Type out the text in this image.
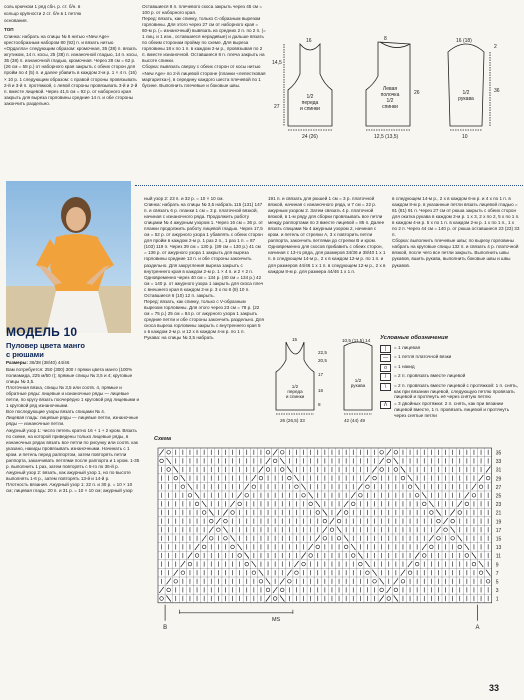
соль крючком 1 ряд сбн. р. ст. б/н. в

кольцо крупности 2 ст. б/н в 1 петлю

основания.

ТОП

Спинка: набрать на спицы № 6 нитью «New Age» крестообразным набором 80 (92) п. и вязать нитью «Ордалла» следующим образом: кромочная, 35 (38) п. вязать жгутиком, 14 п. косы, 25 (38) п. изнаночной гладью, 14 п. косы, 35 (38) п. изнаночной гладью, кромочная. Через 28 см = 62 р. (26 см = 58 р.) от наборного края закрыть с обеих сторон для пройм по 4 (5) п. и далее убавить в каждом 2-м р. 1 × 4 п. (16) × 10 р. 1 следующим образом: с правой стороны провязывать 2-й и 3-й п. протяжкой, с левой стороны провязывать 3-й и 2-й п. вместе лицевой. Через 41,5 см = 92 р. от наборного края закрыть для выреза горловины средние 14 п. и обе стороны закончить раздельно.

Оставшиеся 8 п. плечевого скоса закрыть через 45 см = 100 р. от наборного края.
Перед: вязать, как спинку, только С-образным вырезом горловины. Для этого через 27 см от наборного края = 60-м р. (= изнаночный) вывязать из средних 2 п. по 2 п. (= 1 лиц. и 1 изн., оставшиеся нерадивые) и дальше вязать по обеим сторонам пройму по схеме. Для выреза горловины 18 к по 1 п. в каждом 2-м р., провязывая по 2 п. вместе изнаночной. Оставшиеся 8 п. плеча закрыть на высоте спинки.
Сборка: вывязать сверху с обеих сторон от косы нитью «New Age» по 2-й лицевой стороне (планки «лепестковая маргаритка»), в середину каждого шеста плечевой по 1 бусине. Выполнить плечевые и боковые швы.

16
1/2 переда и спинки
24 (26)
14,5
27
8
Левая полочка 1/2 спинки
12,5 (13,5)
26
16 (18)
1/2 рукава
36
2
10
МОДЕЛЬ 10
Пуловер цвета манго
с рюшами

Размеры: 36/38 (38/40) 44/46

Вам потребуется: 250 (300) 300 г пряжи цвета манго (100% полиамида, 225 м/50 г); прямые спицы № 3,5 и 4; круговые спицы № 3,5.
Плоточная вязка, спицы № 3,5 или соотв. 4, прямые и обратные ряды: лицевые и изнаночные ряды — лицевые петли, по кругу вязать поочерёдно 1 круговой ряд лицевыми и 1 круговой ряд изнаночными.
Все последующие узоры вязать спицами № 4.
Лицевая гладь: лицевые ряды — лицевые петли, изнаночные ряды — изнаночные петли.
Ажурный узор 1: число петель кратно 16 + 1 + 2 кром. Вязать по схеме, на которой приведены только лицевые ряды, в изнаночных рядах вязать все петли по рисунку или соотв. как указано, накиды провязывать изнаночными. Начинать с 1 кром. и петель перед раппортом, затем повторять петли раппорта, заканчивать петлями после раппорта и 1 кром. 1-35 р. выполнить 1 раз, затем повторять с 5-го по 36-й р.
Ажурный узор 2: вязать, как ажурный узор 1, но по высоте выполнять 1-6 р., затем повторять 13-й и 14-й р.
Плотность вязания. Ажурный узор 1: 22 п. и 30 р. = 10 × 10 см; лицевая гладь: 20 п. и 31 р. = 10 × 10 см; ажурный узор

ный узор 2: 23 п. и 32 р. = 10 × 10 см.
Спинка: набрать на спицы № 3,5 набрать 115 (131) 147 п. и связать 6 р. планки 1 см = 3 р. платочной вязкой, начиная с изнаночного ряда. Продолжить работу спицами № 4 ажурным узором 1. Через 16 см = 36 р. от планки продолжить работу лицевой гладью. Через 17,5 см = 52 р. от ажурного узора 1 убавлять с обеих сторон для пройм в каждом 2-м р. 1 раз 2 п., 1 раз 1 п. = 87 (103) 119 п. Через 39 см = 130 р. (39 см = 130 р.) 41 см = 136 р. от ажурного узора 1 закрыть для выреза горловины средние 13 п. и обе стороны закончить раздельно. Для закругления выреза закрыть с внутреннего края в каждом 2-м р. 1 × 4 п. и 2 × 2 п. Одновременно через 40 см = 134 р. (40 см = 134 р.) 42 см = 140 р. от ажурного узора 1 закрыть для скоса плеч с внешнего края в каждом 2-м р. 3 х по 6 (8) 10 п. Оставшиеся 6 (10) 12 п. закрыть.
Перед: вязать, как спинку, только с V-образным вырезом горловины. Для этого через 23 см = 78 р. (22 см = 75 р.) 25 см = 84 р. от ажурного узора 1 закрыть средние петли и обе стороны закончить раздельно. Для скоса выреза горловины закрыть с внутреннего края 5 х в каждом 2-м р. и 12 х в каждом 4-м р. по 1 п.
Рукава: на спицы № 3,5 набрать

191 п. и связать для рюшей 1 см = 3 р. платочной вязкой, начиная с изнаночного ряда, и 7 см = 22 р. ажурным узором 2. Затем связать 4 р. платочной вязкой, в 1-м ряду для сборки провязывать все петли между раппортами по 3 вместе лицевой = 85 п. Далее вязать спицами № 4 ажурным узором 2, начиная с кром. и петель от стрелки А, 3 х повторить петли раппорта, закончить петлями до стрелки В и кром. Одновременно для скосов прибавить с обеих сторон, начиная с 13-го ряда, для размеров 34/36 и 38/40 1 х 1 п. в следующем 14-м р., 2 х в каждом 12-м р. по 1 п. и для размеров 44/46 1 х 1 п. в следующем 12-м р., 2 х в каждом 8-м р. для размера 44/46 1 х 1 п.

в следующем 14-м р., 2 х в каждом 6-м р. и 4 х по 1 п. в каждом 8-м р. в указанные петли вязать лицевой гладью = 81 (81) 91 п. Через 27 см от рюша закрыть с обеих сторон для окатка рукава в каждом 2-м р. 1 х 3, 2 х по 2, 5 х по 1 п. в каждом 4-м р. 5 х по 1 п. в каждом 2-м р. 1 х по 1 п., 1 х по 2 п. Через 44 см = 140 р. от рюша оставшиеся 23 (23) 33 п.
Сборка: выполнить плечевые швы; по вырезу горловины набрать на круговые спицы 132 п. и связать 4 р. платочной вязкой, после чего все петли закрыть. Выполнить швы рукавов, вшить рукава, выполнить боковые швы и швы рукавов.

15
1/2 переда и спинки
26 (26,5) 33
22,5
20,5
17
16
8
1/2 рукава
10,5 (11,5) 14
42 (44) 49
Условные обозначения
|	= 1 лицевая
—	= 1 петля платочной вязки
o	= 1 накид
/	= 2 п. провязать вместе лицевой
\	= 2 п. провязать вместе лицевой с протяжкой: 1 п. снять, как при вязании лицевой, следующую петлю провязать лицевой и протянуть её через снятую петлю
Λ	= 3 двойных протяжки: 2 п. снять, как при вязании лицевой вместе, 1 п. провязать лицевой и протянуть через снятые петли
Схема
35
33
31
29
27
25
23
21
19
17
15
13
11
9
7
5
3
1
MS
A
B
33
